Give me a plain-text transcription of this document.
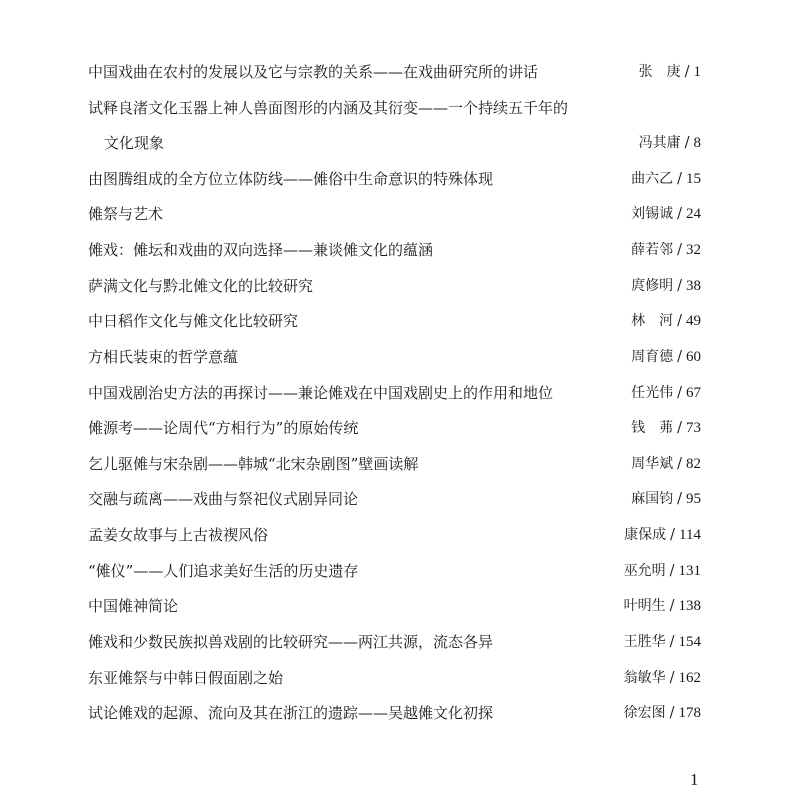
中国戏曲在农村的发展以及它与宗教的关系——在戏曲研究所的讲话	张　庚 / 1
试释良渚文化玉器上神人兽面图形的内涵及其衍变——一个持续五千年的
文化现象	冯其庸 / 8
由图腾组成的全方位立体防线——傩俗中生命意识的特殊体现	曲六乙 / 15
傩祭与艺术	刘锡诚 / 24
傩戏：傩坛和戏曲的双向选择——兼谈傩文化的蕴涵	薛若邻 / 32
萨满文化与黔北傩文化的比较研究	庹修明 / 38
中日稻作文化与傩文化比较研究	林　河 / 49
方相氏装束的哲学意蕴	周育德 / 60
中国戏剧治史方法的再探讨——兼论傩戏在中国戏剧史上的作用和地位	任光伟 / 67
傩源考——论周代“方相行为”的原始传统	钱　茀 / 73
乞儿驱傩与宋杂剧——韩城“北宋杂剧图”壁画读解	周华斌 / 82
交融与疏离——戏曲与祭祀仪式剧异同论	麻国钧 / 95
孟姜女故事与上古祓禊风俗	康保成 / 114
“傩仪”——人们追求美好生活的历史遗存	巫允明 / 131
中国傩神简论	叶明生 / 138
傩戏和少数民族拟兽戏剧的比较研究——两江共源，流态各异	王胜华 / 154
东亚傩祭与中韩日假面剧之始	翁敏华 / 162
试论傩戏的起源、流向及其在浙江的遗踪——吴越傩文化初探	徐宏图 / 178
1
